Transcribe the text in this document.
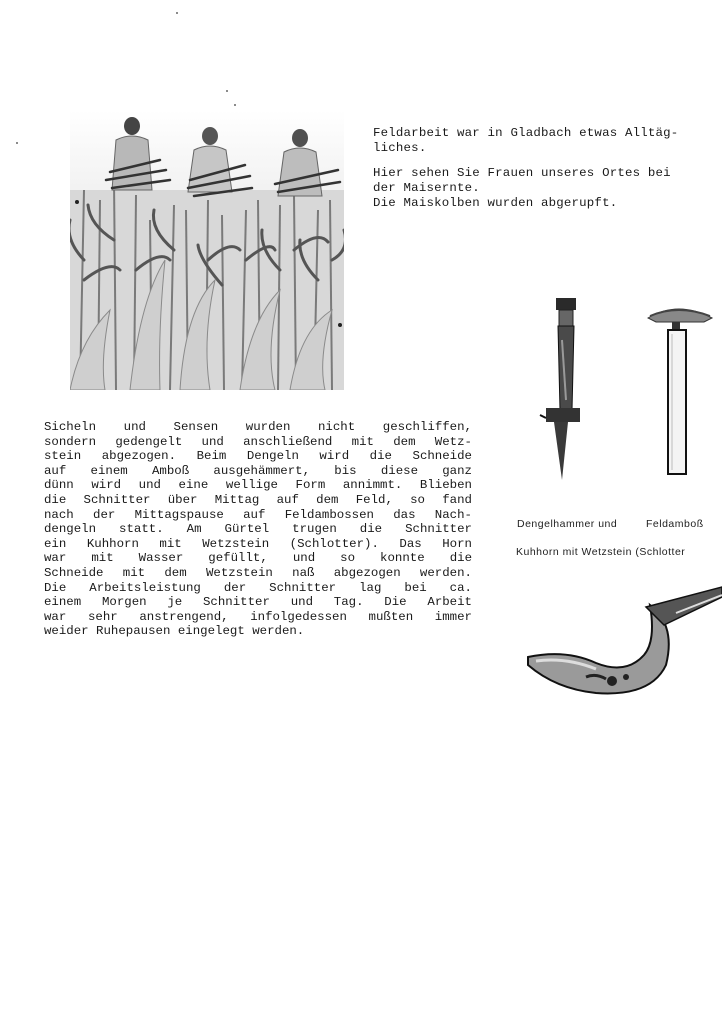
Feldarbeit war in Gladbach etwas Alltäg-

liches.

Hier sehen Sie Frauen unseres Ortes bei

der Maisernte.

Die Maiskolben wurden abgerupft.

Dengelhammer und	Feldamboß
Kuhhorn mit Wetzstein (Schlotter
Sicheln und Sensen wurden nicht geschliffen,
sondern gedengelt und anschließend mit dem Wetz-
stein abgezogen. Beim Dengeln wird die Schneide
auf einem Amboß ausgehämmert, bis diese ganz
dünn wird und eine wellige Form annimmt. Blieben
die Schnitter über Mittag auf dem Feld, so fand
nach der Mittagspause auf Feldambossen das Nach-
dengeln statt. Am Gürtel trugen die Schnitter
ein Kuhhorn mit Wetzstein (Schlotter). Das Horn
war mit Wasser gefüllt, und so konnte die
Schneide mit dem Wetzstein naß abgezogen werden.
Die Arbeitsleistung der Schnitter lag bei ca.
einem Morgen je Schnitter und Tag. Die Arbeit
war sehr anstrengend, infolgedessen mußten immer
weider Ruhepausen eingelegt werden.
